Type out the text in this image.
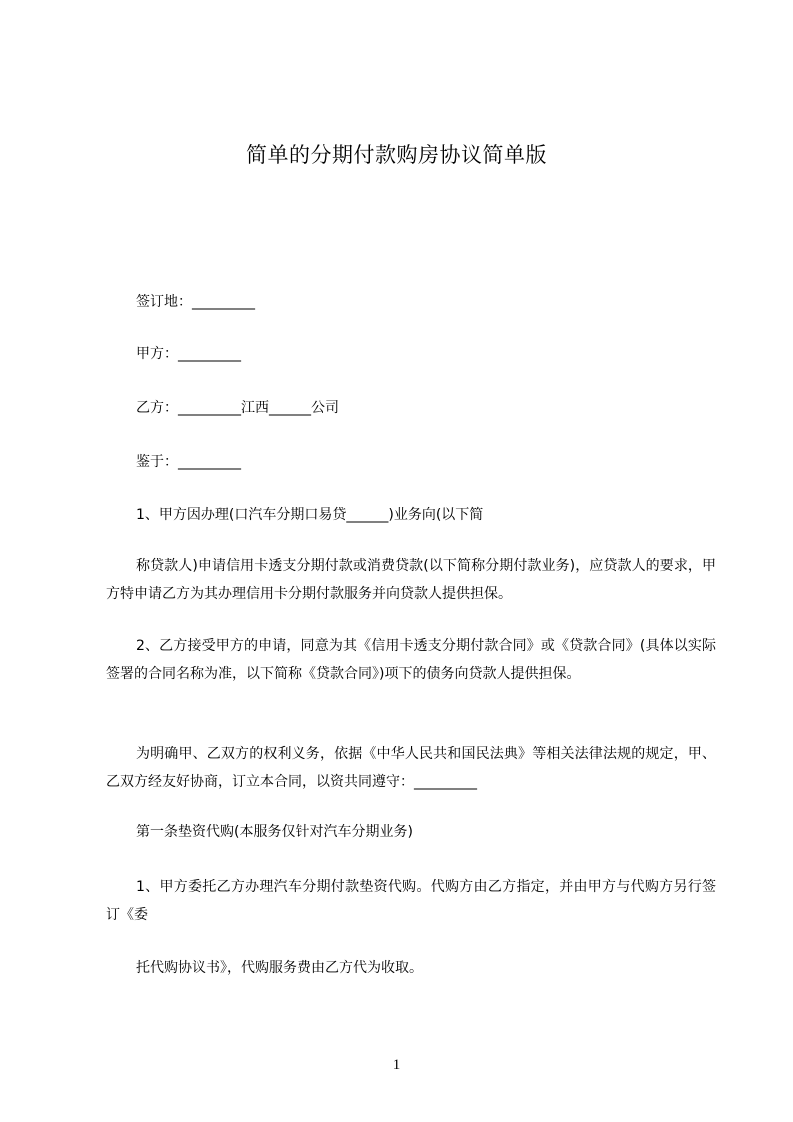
简单的分期付款购房协议简单版
签订地：_________
甲方：_________
乙方：_________江西______公司
鉴于：_________
1、甲方因办理(口汽车分期口易贷______)业务向(以下简
称贷款人)申请信用卡透支分期付款或消费贷款(以下简称分期付款业务)，应贷款人的要求，甲方特申请乙方为其办理信用卡分期付款服务并向贷款人提供担保。
2、乙方接受甲方的申请，同意为其《信用卡透支分期付款合同》或《贷款合同》(具体以实际签署的合同名称为准，以下简称《贷款合同》)项下的债务向贷款人提供担保。
为明确甲、乙双方的权利义务，依据《中华人民共和国民法典》等相关法律法规的规定，甲、乙双方经友好协商，订立本合同，以资共同遵守：_________
第一条垫资代购(本服务仅针对汽车分期业务)
1、甲方委托乙方办理汽车分期付款垫资代购。代购方由乙方指定，并由甲方与代购方另行签订《委
托代购协议书》，代购服务费由乙方代为收取。
1
